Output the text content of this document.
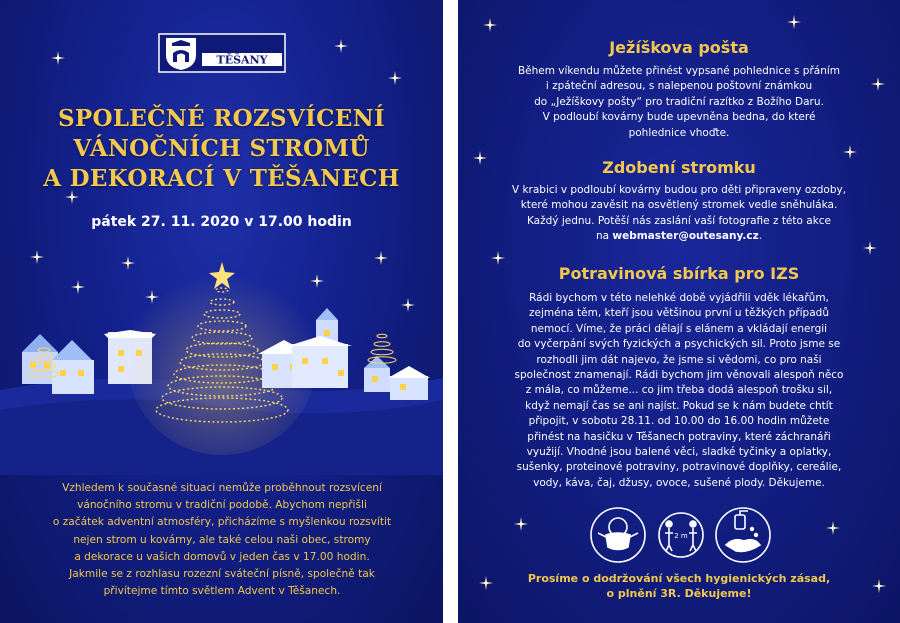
TĚŠANY
SPOLEČNÉ ROZSVÍCENÍ
VÁNOČNÍCH STROMŮ
A DEKORACÍ V TĚŠANECH
pátek 27. 11. 2020 v 17.00 hodin
Vzhledem k současné situaci nemůže proběhnout rozsvícení
vánočního stromu v tradiční podobě. Abychom nepřišli
o začátek adventní atmosféry, přicházíme s myšlenkou rozsvítit
nejen strom u kovárny, ale také celou naši obec, stromy
a dekorace u vašich domovů v jeden čas v 17.00 hodin.
Jakmile se z rozhlasu rozezní sváteční písně, společně tak
přivítejme tímto světlem Advent v Těšanech.
Ježíškova pošta
Během víkendu můžete přinést vypsané pohlednice s přáním
i zpáteční adresou, s nalepenou poštovní známkou
do „Ježíškovy pošty“ pro tradiční razítko z Božího Daru.
V podloubí kovárny bude upevněna bedna, do které
pohlednice vhoďte.
Zdobení stromku
V krabici v podloubí kovárny budou pro děti připraveny ozdoby,
které mohou zavěsit na osvětlený stromek vedle sněhuláka.
Každý jednu. Potěší nás zaslání vaší fotografie z této akce
na webmaster@outesany.cz.
Potravinová sbírka pro IZS
Rádi bychom v této nelehké době vyjádřili vděk lékařům,
zejména těm, kteří jsou většinou první u těžkých případů
nemocí. Víme, že práci dělají s elánem a vkládají energii
do vyčerpání svých fyzických a psychických sil. Proto jsme se
rozhodli jim dát najevo, že jsme si vědomi, co pro naši
společnost znamenají. Rádi bychom jim věnovali alespoň něco
z mála, co můžeme... co jim třeba dodá alespoň trošku sil,
když nemají čas se ani najíst. Pokud se k nám budete chtít
připojit, v sobotu 28.11. od 10.00 do 16.00 hodin můžete
přinést na hasičku v Těšanech potraviny, které záchranáři
využijí. Vhodné jsou balené věci, sladké tyčinky a oplatky,
sušenky, proteinové potraviny, potravinové doplňky, cereálie,
vody, káva, čaj, džusy, ovoce, sušené plody. Děkujeme.
2 m
Prosíme o dodržování všech hygienických zásad,
o plnění 3R. Děkujeme!
